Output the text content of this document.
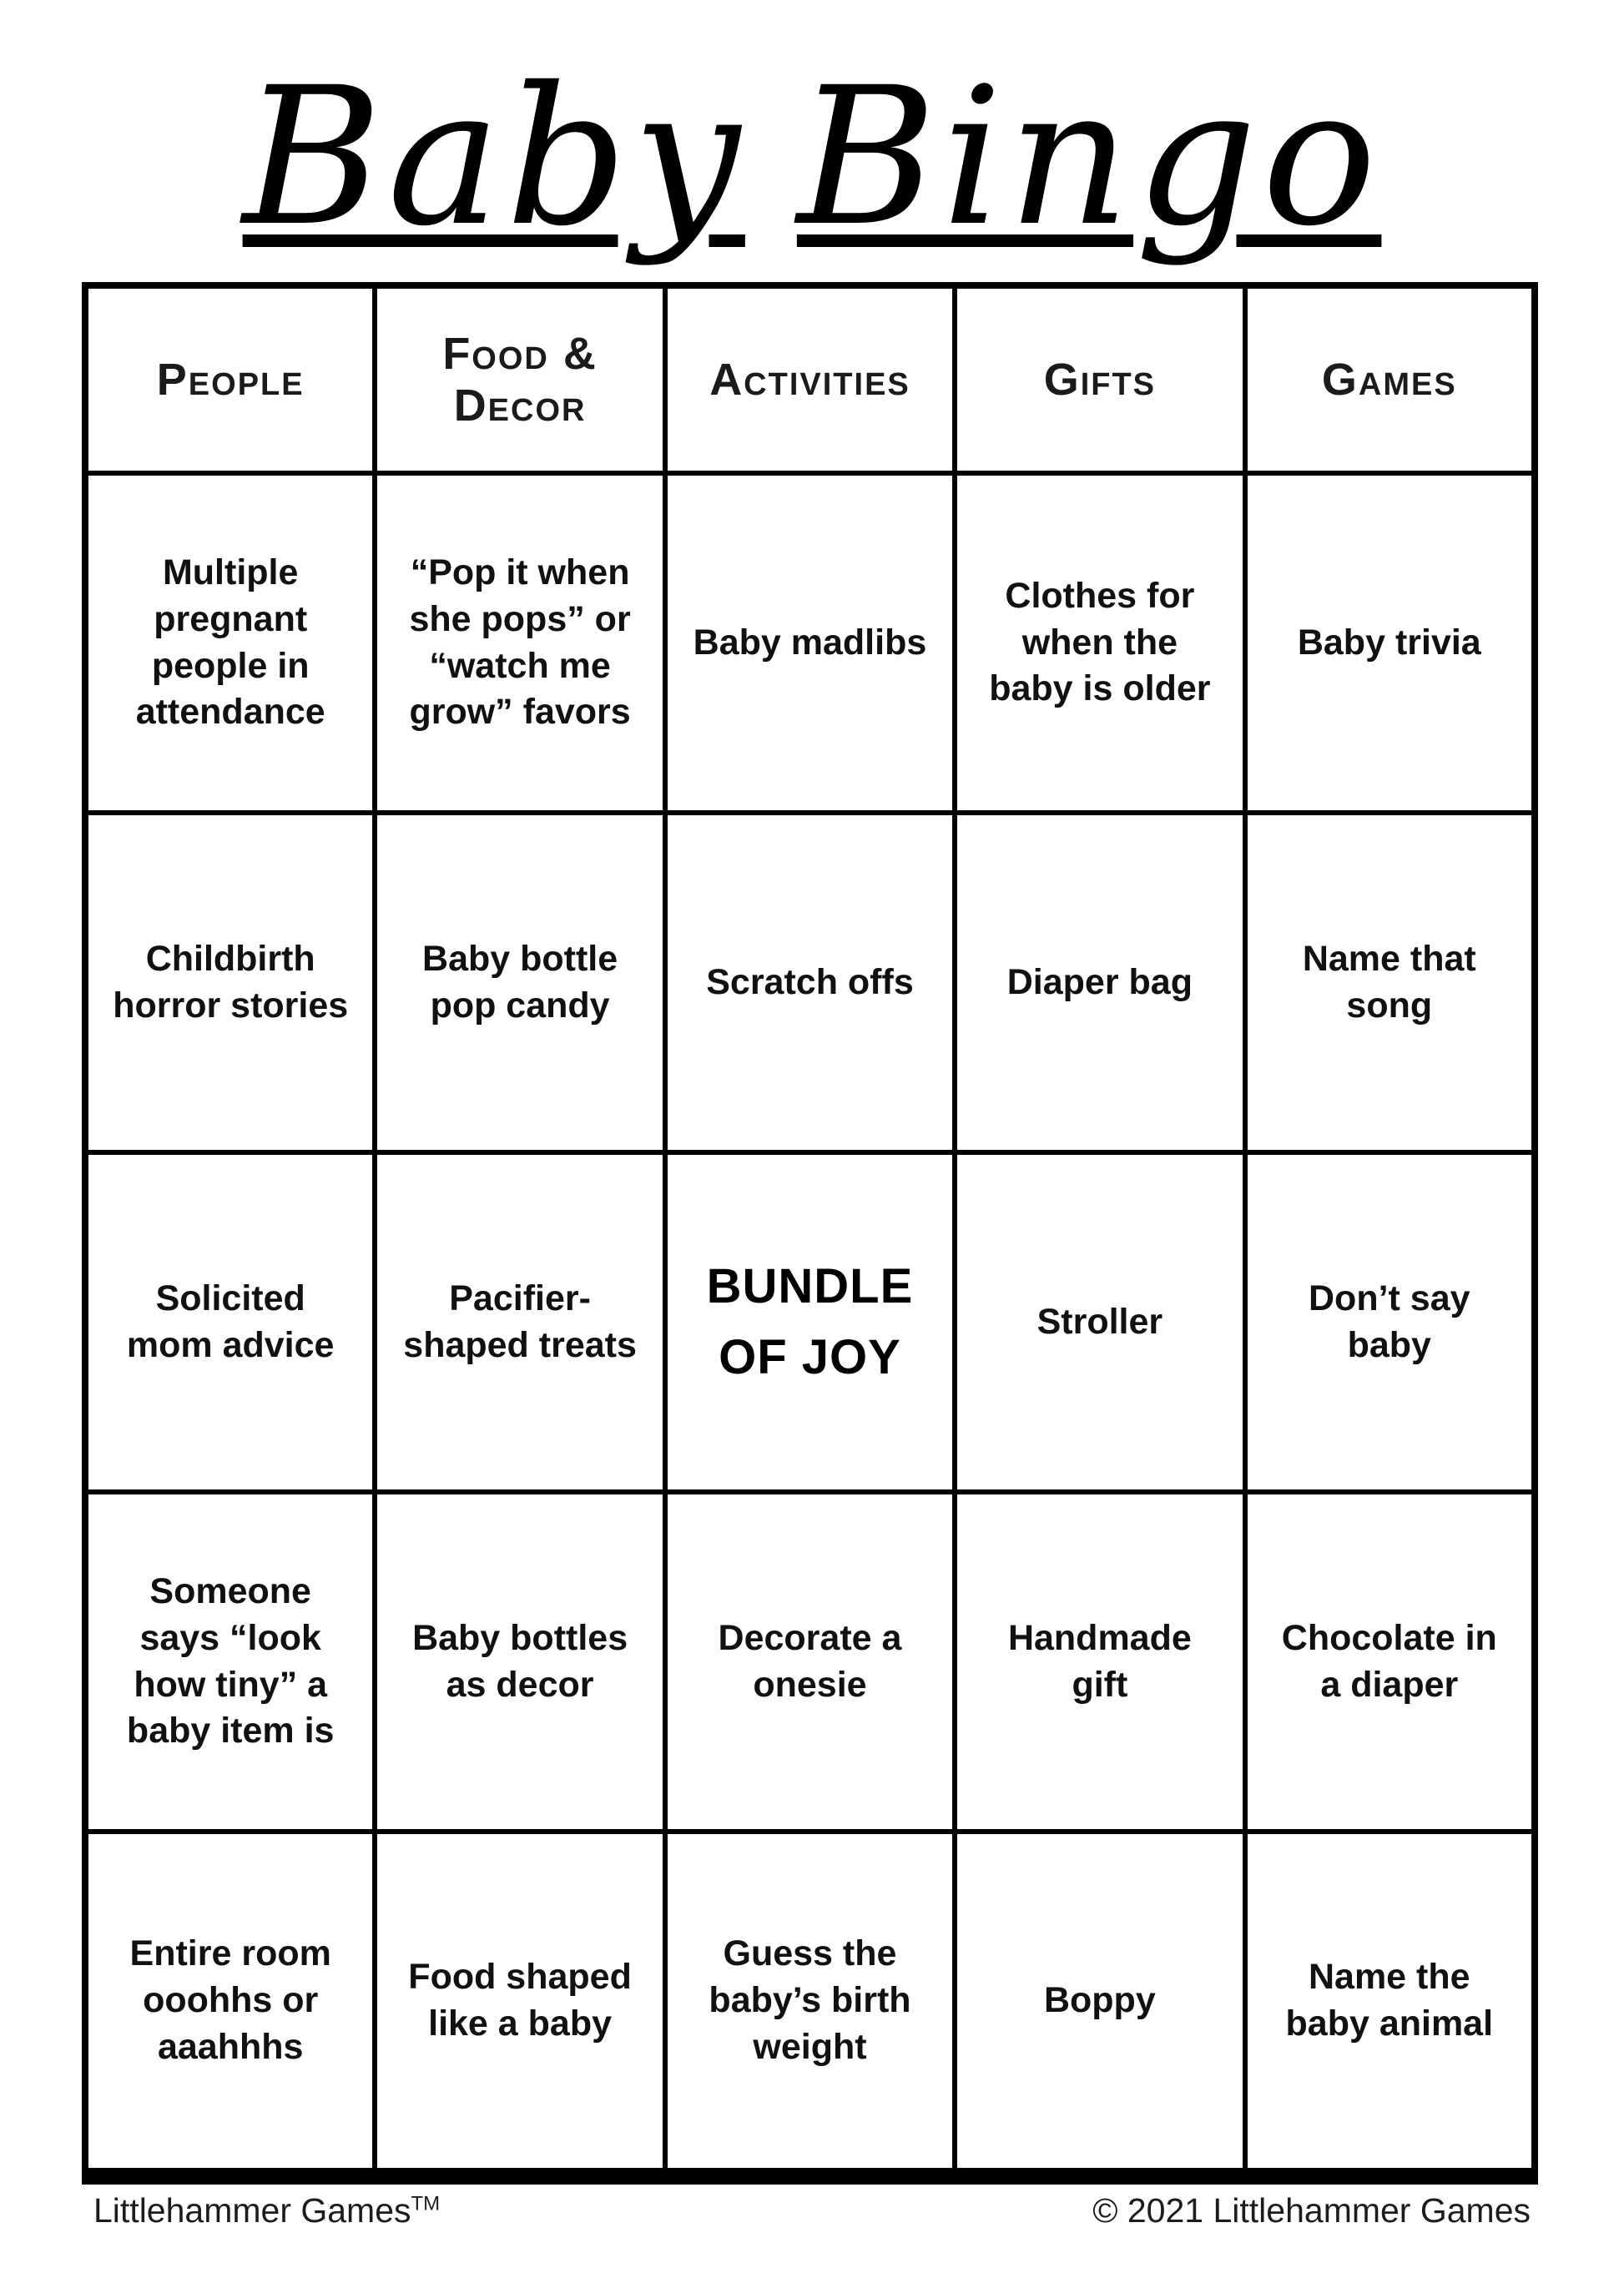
Baby Bingo
People	Food & Decor	Activities	Gifts	Games
Multiple pregnant people in attendance	“Pop it when she pops” or “watch me grow” favors	Baby madlibs	Clothes for when the baby is older	Baby trivia
Childbirth horror stories	Baby bottle pop candy	Scratch offs	Diaper bag	Name that song
Solicited mom advice	Pacifier-shaped treats	BUNDLE OF JOY	Stroller	Don’t say baby
Someone says “look how tiny” a baby item is	Baby bottles as decor	Decorate a onesie	Handmade gift	Chocolate in a diaper
Entire room ooohhs or aaahhhs	Food shaped like a baby	Guess the baby’s birth weight	Boppy	Name the baby animal
Littlehammer Games™	© 2021 Littlehammer Games
